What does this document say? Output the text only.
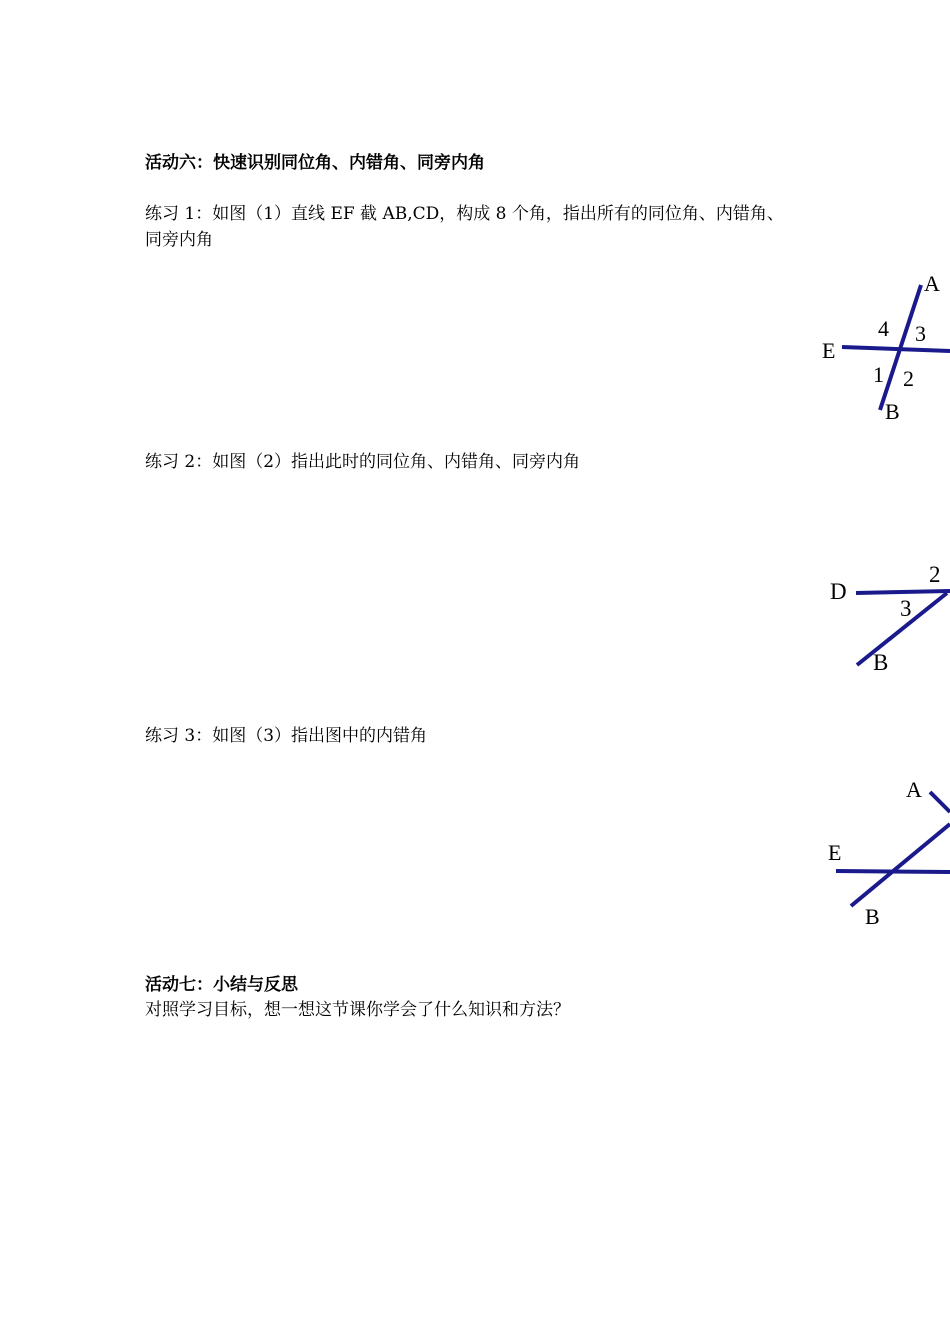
活动六：快速识别同位角、内错角、同旁内角
练习 1：如图（1）直线 EF 截 AB,CD，构成 8 个角，指出所有的同位角、内错角、
同旁内角
A
E
B
4 3
1 2
练习 2：如图（2）指出此时的同位角、内错角、同旁内角
D
B
2
3
练习 3：如图（3）指出图中的内错角
A
E
B
活动七：小结与反思
对照学习目标，想一想这节课你学会了什么知识和方法？
